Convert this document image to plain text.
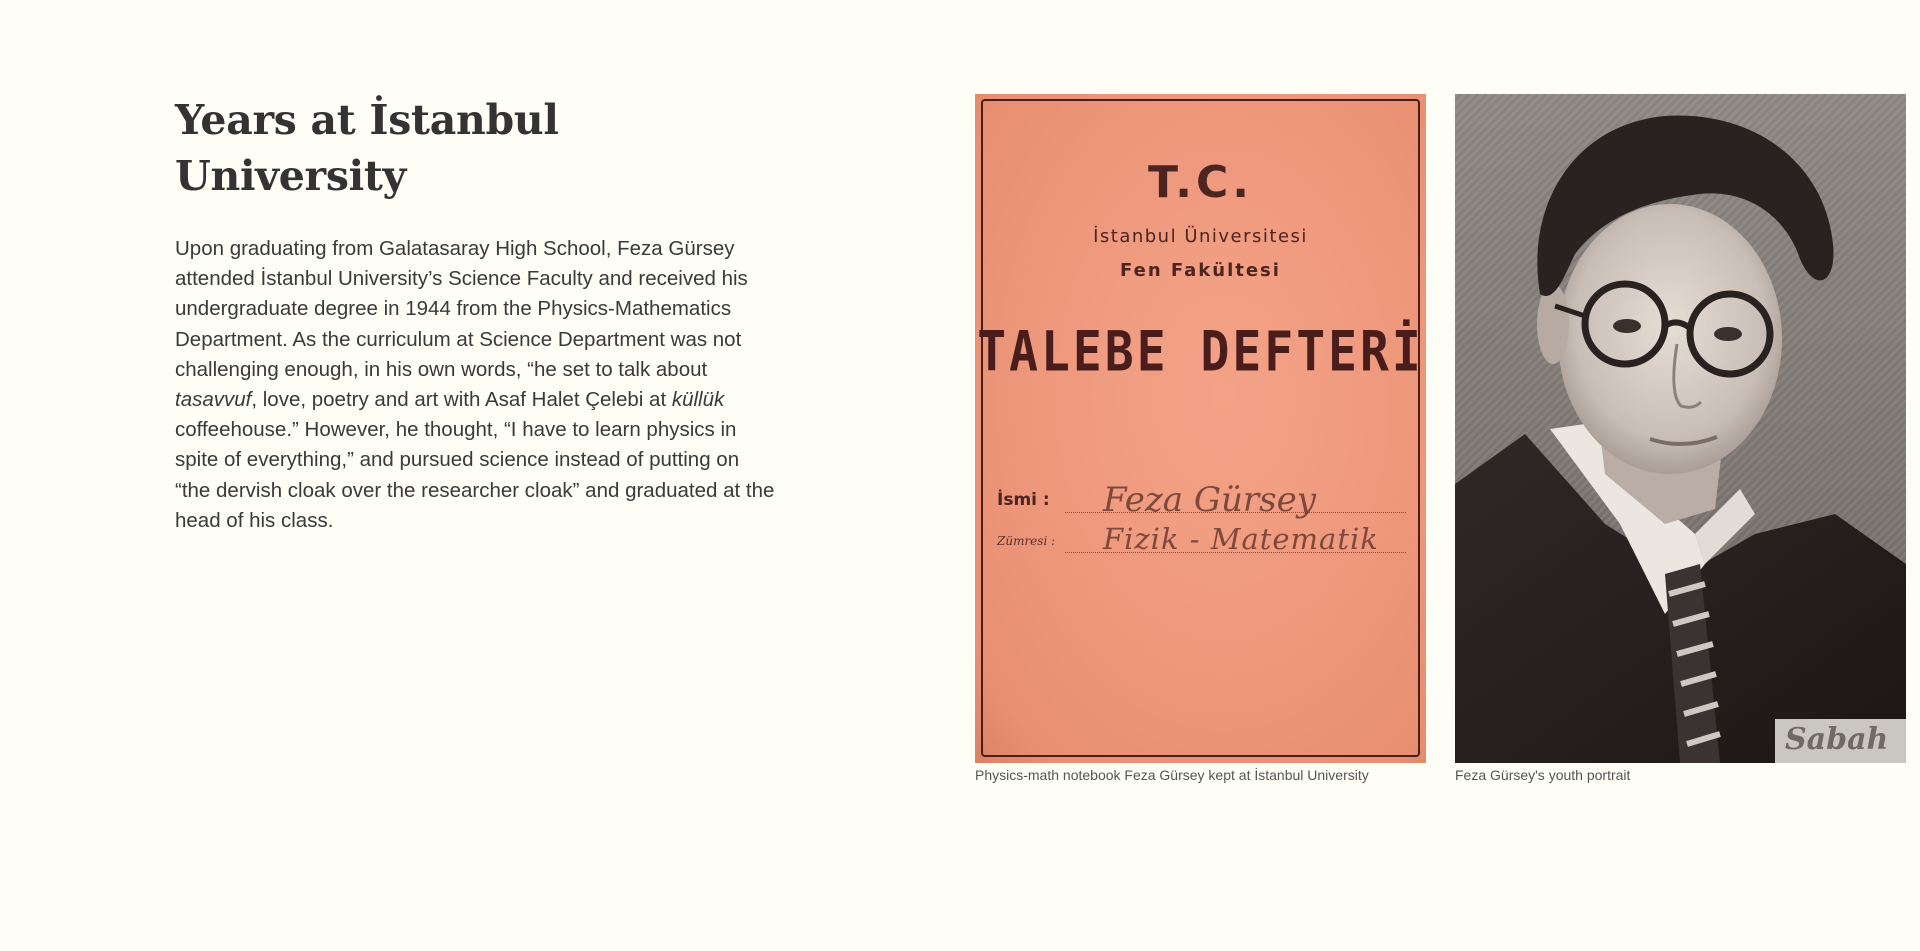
Years at İstanbul University

Upon graduating from Galatasaray High School, Feza Gürsey attended İstanbul University’s Science Faculty and received his undergraduate degree in 1944 from the Physics-Mathematics Department. As the curriculum at Science Department was not challenging enough, in his own words, “he set to talk about tasavvuf, love, poetry and art with Asaf Halet Çelebi at küllük coffeehouse.” However, he thought, “I have to learn physics in spite of everything,” and pursued science instead of putting on “the dervish cloak over the researcher cloak” and graduated at the head of his class.

T.C.
İstanbul Üniversitesi
Fen Fakültesi
TALEBE DEFTERİ
İsmi : Feza Gürsey
Zümresi : Fizik - Matematik
Physics-math notebook Feza Gürsey kept at İstanbul University
Sabah
Feza Gürsey's youth portrait
